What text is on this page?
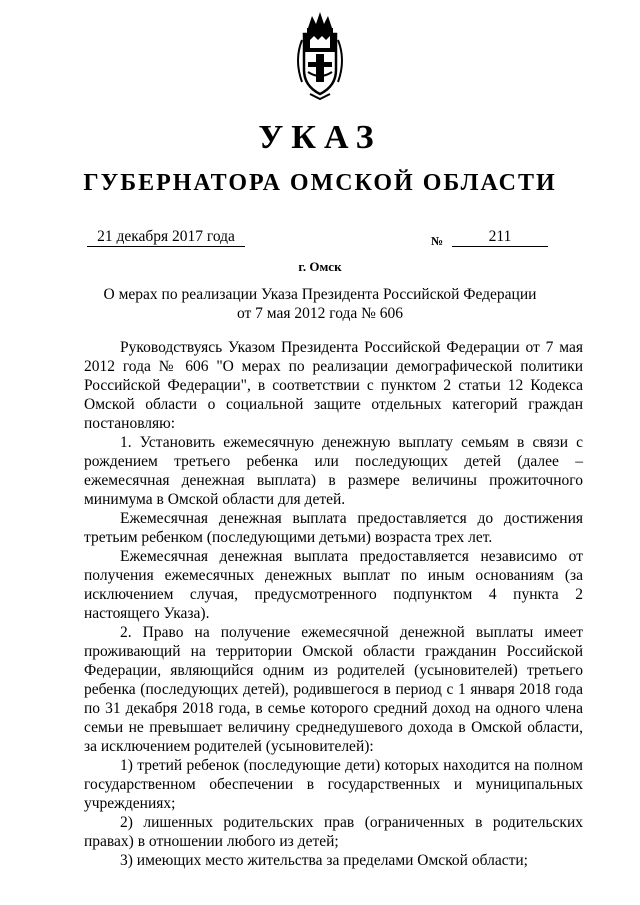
УКАЗ
ГУБЕРНАТОРА ОМСКОЙ ОБЛАСТИ
21 декабря 2017 года	№	211
г. Омск
О мерах по реализации Указа Президента Российской Федерации
от 7 мая 2012 года № 606

Руководствуясь Указом Президента Российской Федерации от 7 мая 2012 года № 606 "О мерах по реализации демографической политики Российской Федерации", в соответствии с пунктом 2 статьи 12 Кодекса Омской области о социальной защите отдельных категорий граждан постановляю:

1. Установить ежемесячную денежную выплату семьям в связи с рождением третьего ребенка или последующих детей (далее – ежемесячная денежная выплата) в размере величины прожиточного минимума в Омской области для детей.

Ежемесячная денежная выплата предоставляется до достижения третьим ребенком (последующими детьми) возраста трех лет.

Ежемесячная денежная выплата предоставляется независимо от получения ежемесячных денежных выплат по иным основаниям (за исключением случая, предусмотренного подпунктом 4 пункта 2 настоящего Указа).

2. Право на получение ежемесячной денежной выплаты имеет проживающий на территории Омской области гражданин Российской Федерации, являющийся одним из родителей (усыновителей) третьего ребенка (последующих детей), родившегося в период с 1 января 2018 года по 31 декабря 2018 года, в семье которого средний доход на одного члена семьи не превышает величину среднедушевого дохода в Омской области, за исключением родителей (усыновителей):

1) третий ребенок (последующие дети) которых находится на полном государственном обеспечении в государственных и муниципальных учреждениях;

2) лишенных родительских прав (ограниченных в родительских правах) в отношении любого из детей;

3) имеющих место жительства за пределами Омской области;
